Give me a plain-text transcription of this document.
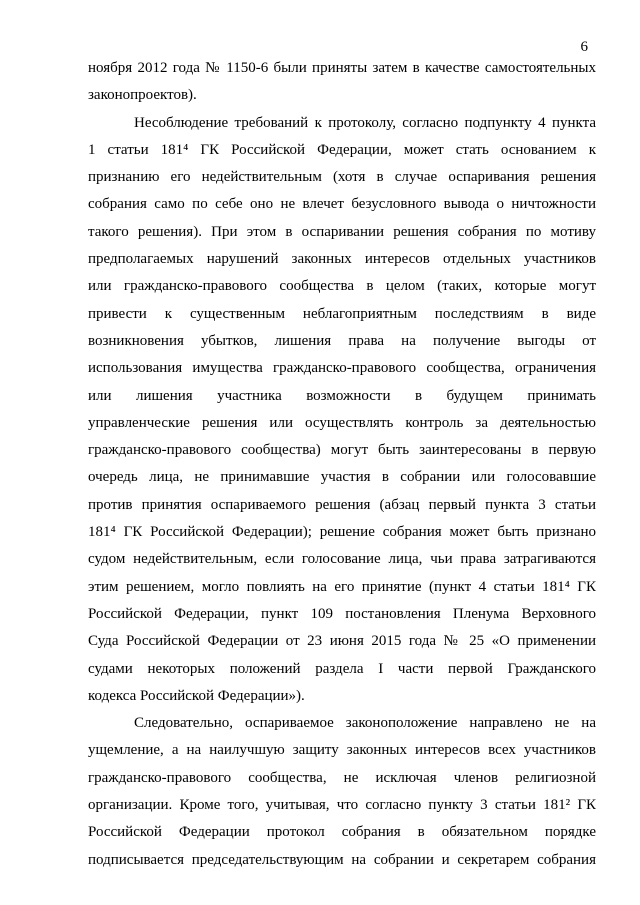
6
ноября 2012 года № 1150-6 были приняты затем в качестве самостоятельных
законопроектов).
Несоблюдение требований к протоколу, согласно подпункту 4 пункта
1 статьи 181⁴ ГК Российской Федерации, может стать основанием к
признанию его недействительным (хотя в случае оспаривания решения
собрания само по себе оно не влечет безусловного вывода о ничтожности
такого решения). При этом в оспаривании решения собрания по мотиву
предполагаемых нарушений законных интересов отдельных участников
или гражданско-правового сообщества в целом (таких, которые могут
привести к существенным неблагоприятным последствиям в виде
возникновения убытков, лишения права на получение выгоды от
использования имущества гражданско-правового сообщества, ограничения
или лишения участника возможности в будущем принимать
управленческие решения или осуществлять контроль за деятельностью
гражданско-правового сообщества) могут быть заинтересованы в первую
очередь лица, не принимавшие участия в собрании или голосовавшие
против принятия оспариваемого решения (абзац первый пункта 3 статьи
181⁴ ГК Российской Федерации); решение собрания может быть признано
судом недействительным, если голосование лица, чьи права затрагиваются
этим решением, могло повлиять на его принятие (пункт 4 статьи 181⁴ ГК
Российской Федерации, пункт 109 постановления Пленума Верховного
Суда Российской Федерации от 23 июня 2015 года № 25 «О применении
судами некоторых положений раздела I части первой Гражданского
кодекса Российской Федерации»).
Следовательно, оспариваемое законоположение направлено не на
ущемление, а на наилучшую защиту законных интересов всех участников
гражданско-правового сообщества, не исключая членов религиозной
организации. Кроме того, учитывая, что согласно пункту 3 статьи 181² ГК
Российской Федерации протокол собрания в обязательном порядке
подписывается председательствующим на собрании и секретарем собрания
